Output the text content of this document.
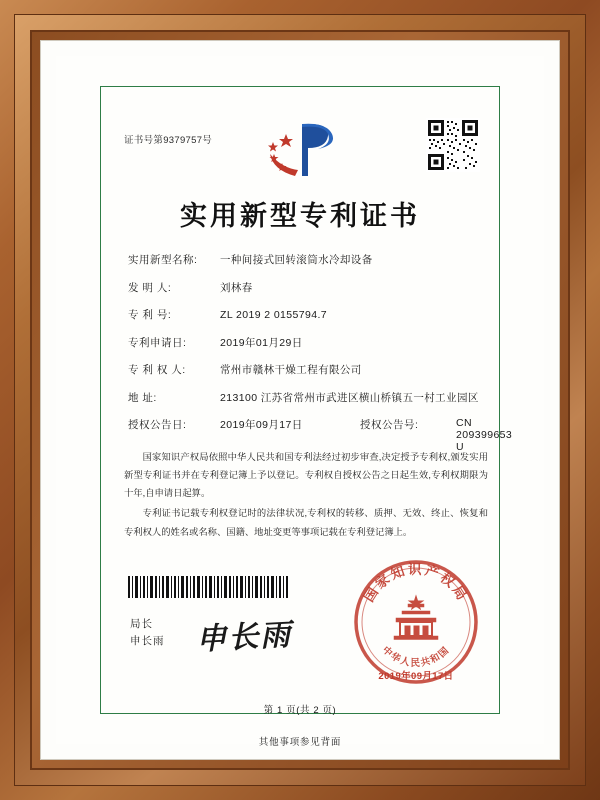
证书号第9379757号
实用新型专利证书
实用新型名称:	一种间接式回转滚筒水冷却设备
发 明 人:	刘林春
专 利 号:	ZL 2019 2 0155794.7
专利申请日:	2019年01月29日
专 利 权 人:	常州市赣林干燥工程有限公司
地 址:	213100 江苏省常州市武进区横山桥镇五一村工业园区
授权公告日:	2019年09月17日	授权公告号:	CN 209399653 U

国家知识产权局依照中华人民共和国专利法经过初步审查,决定授予专利权,颁发实用新型专利证书并在专利登记簿上予以登记。专利权自授权公告之日起生效,专利权期限为十年,自申请日起算。

专利证书记载专利权登记时的法律状况,专利权的转移、质押、无效、终止、恢复和专利权人的姓名或名称、国籍、地址变更等事项记载在专利登记簿上。

局长
申长雨 申长雨
国家知识产权局
中华人民共和国
2019年09月17日
第 1 页(共 2 页)
其他事项参见背面
